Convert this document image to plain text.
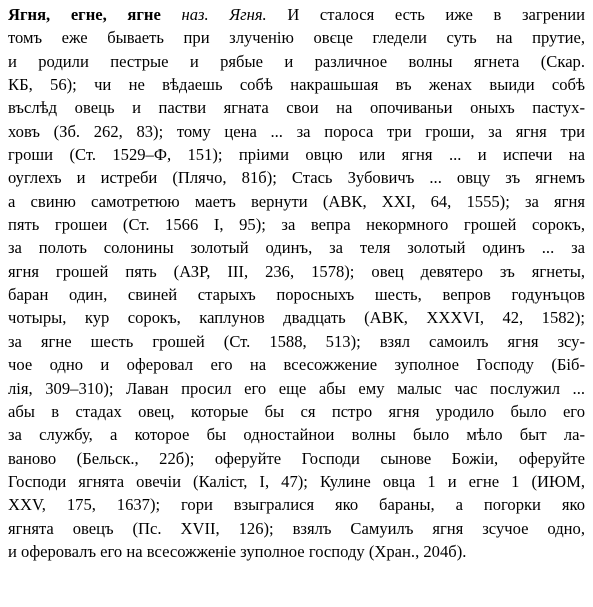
Ягня, егне, ягне наз. Ягня. И сталося есть иже в загрении
томъ еже бываеть при злученію овєце гледели суть на прутие,
и родили пестрые и рябые и различное волны ягнета (Скар.
КБ, 56); чи не вѣдаешь собѣ накрашьшая въ женах выиди собѣ
въслѣд овець и пастви ягната свои на опочиваньи оныхъ пастух-
ховъ (Зб. 262, 83); тому цена ... за пороса три гроши, за ягня три
гроши (Ст. 1529–Ф, 151); пріими овцю или ягня ... и испечи на
оуглехъ и истреби (Плячо, 81б); Стась Зубовичъ ... овцу зъ ягнемъ
а свиню самотретюю маетъ вернути (АВК, XXI, 64, 1555); за ягня
пять грошеи (Ст. 1566 І, 95); за вепра некормного грошей сорокъ,
за полоть солонины золотый одинъ, за теля золотый одинъ ... за
ягня грошей пять (АЗР, III, 236, 1578); овец девятеро зъ ягнеты,
баран один, свиней старыхъ поросныхъ шесть, вепров годунъцов
чотыры, кур сорокъ, каплунов двадцать (АВК, XXXVI, 42, 1582);
за ягне шесть грошей (Ст. 1588, 513); взял самоилъ ягня зсу-
чое одно и оферовал его на всесожжение зуполное Господу (Біб-
лія, 309–310); Лаван просил его еще абы ему малыс час послужил ...
абы в стадах овец, которые бы ся пстро ягня уродило было его
за службу, а которое бы одностайнои волны было мѣло быт ла-
ваново (Бельск., 22б); оферуйте Господи сынове Божіи, оферуйте
Господи ягнята овечіи (Каліст, I, 47); Кулине овца 1 и егне 1 (ИЮМ,
XXV, 175, 1637); гори взыгралися яко бараны, а погорки яко
ягнята овецъ (Пс. XVII, 126); взялъ Самуилъ ягня зсучое одно,
и оферовалъ его на всесожженіе зуполное господу (Хран., 204б).
